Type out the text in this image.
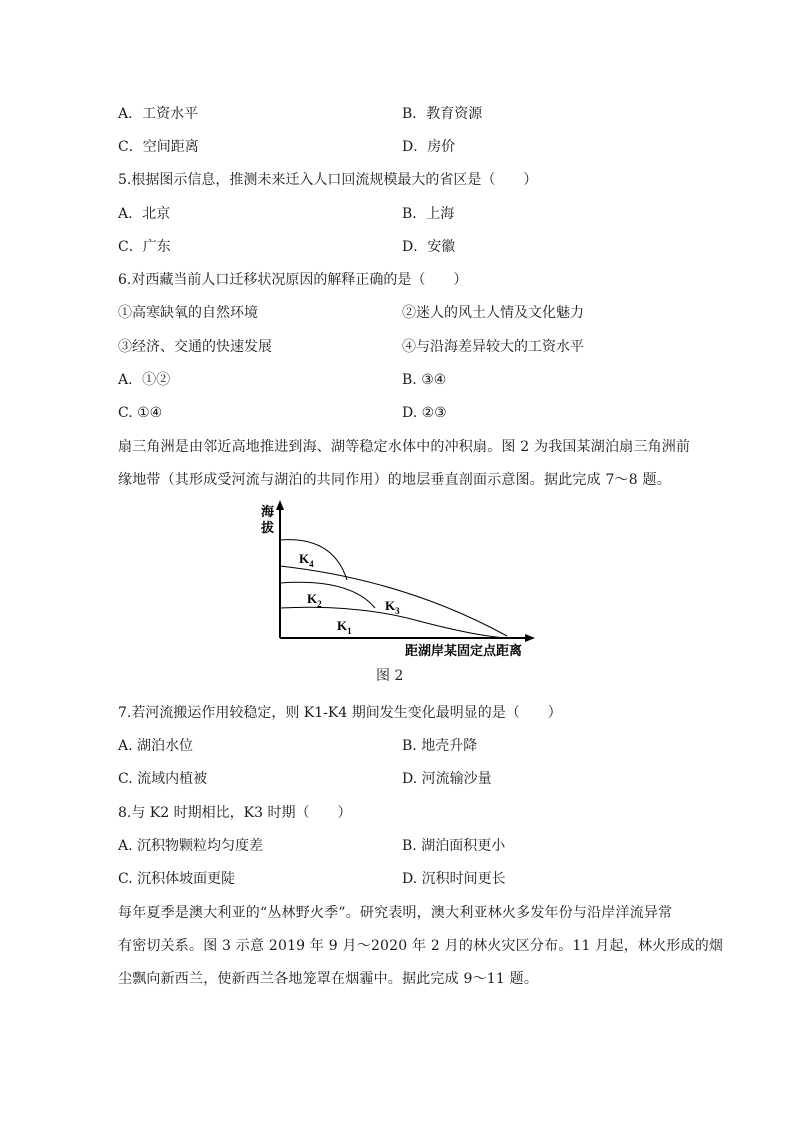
A．工资水平	B．教育资源
C．空间距离	D．房价
5.根据图示信息，推测未来迁入人口回流规模最大的省区是（　　）
A．北京	B．上海
C．广东	D．安徽
6.对西藏当前人口迁移状况原因的解释正确的是（　　）
①高寒缺氧的自然环境	②迷人的风土人情及文化魅力
③经济、交通的快速发展	④与沿海差异较大的工资水平
A．①②	B. ③④
C. ①④	D. ②③
扇三角洲是由邻近高地推进到海、湖等稳定水体中的冲积扇。图 2 为我国某湖泊扇三角洲前
缘地带（其形成受河流与湖泊的共同作用）的地层垂直剖面示意图。据此完成 7～8 题。
海
拔
$K_4$
$K_2$	$K_3$
$K_1$
距湖岸某固定点距离
图 2
7.若河流搬运作用较稳定，则 K1-K4 期间发生变化最明显的是（　　）
A. 湖泊水位	B. 地壳升降
C. 流域内植被	D. 河流输沙量
8.与 K2 时期相比，K3 时期（　　）
A. 沉积物颗粒均匀度差	B. 湖泊面积更小
C. 沉积体坡面更陡	D. 沉积时间更长
每年夏季是澳大利亚的“丛林野火季”。研究表明，澳大利亚林火多发年份与沿岸洋流异常
有密切关系。图 3 示意 2019 年 9 月～2020 年 2 月的林火灾区分布。11 月起，林火形成的烟
尘飘向新西兰，使新西兰各地笼罩在烟霾中。据此完成 9～11 题。
